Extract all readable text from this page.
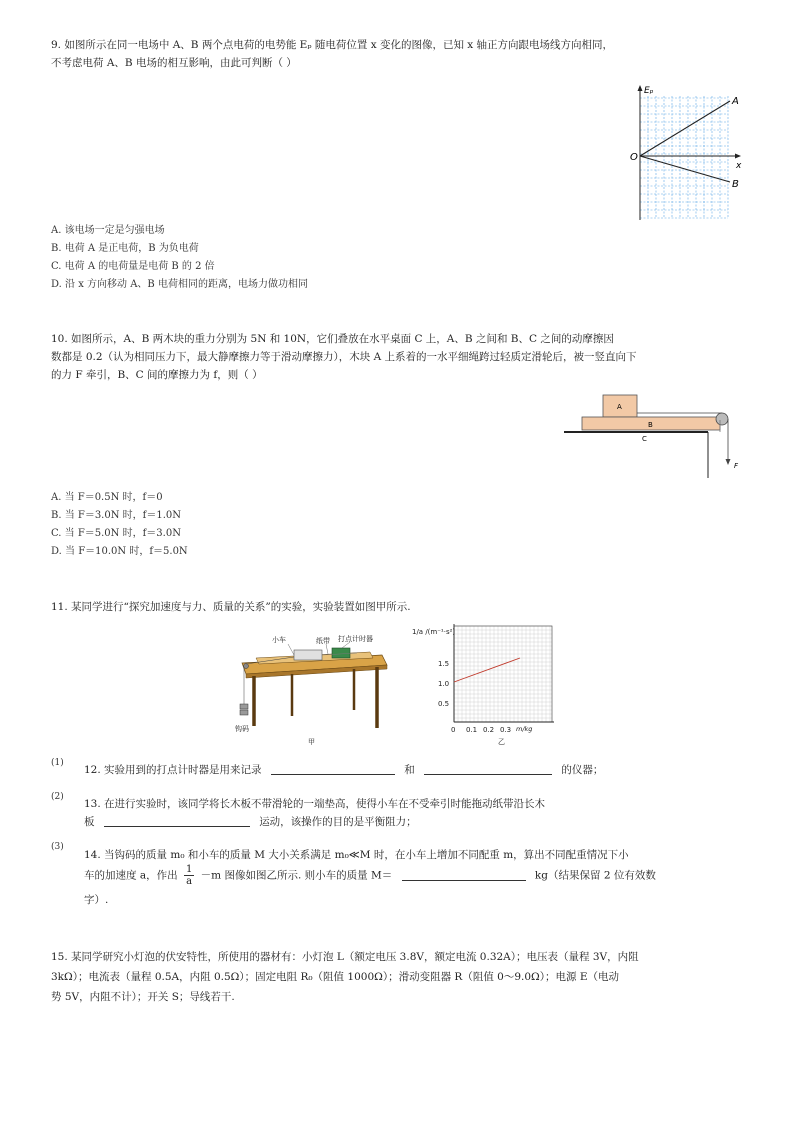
9. 如图所示在同一电场中 A、B 两个点电荷的电势能 Eₚ 随电荷位置 x 变化的图像，已知 x 轴正方向跟电场线方向相同，
不考虑电荷 A、B 电场的相互影响，由此可判断（ ）
Eₚ
x
O
A
B
A. 该电场一定是匀强电场
B. 电荷 A 是正电荷，B 为负电荷
C. 电荷 A 的电荷量是电荷 B 的 2 倍
D. 沿 x 方向移动 A、B 电荷相同的距离，电场力做功相同
10. 如图所示，A、B 两木块的重力分别为 5N 和 10N，它们叠放在水平桌面 C 上，A、B 之间和 B、C 之间的动摩擦因
数都是 0.2（认为相同压力下，最大静摩擦力等于滑动摩擦力），木块 A 上系着的一水平细绳跨过轻质定滑轮后，被一竖直向下
的力 F 牵引，B、C 间的摩擦力为 f，则（ ）
A
B
C
F
A. 当 F＝0.5N 时，f＝0
B. 当 F＝3.0N 时，f＝1.0N
C. 当 F＝5.0N 时，f＝3.0N
D. 当 F＝10.0N 时，f＝5.0N
11. 某同学进行“探究加速度与力、质量的关系”的实验，实验装置如图甲所示.
小车	纸带 打点计时器
钩码
甲
1/a /(m⁻¹·s²)
1.5
1.0
0.5
0 0.1 0.2 0.3 m/kg
乙
(1)
12. 实验用到的打点计时器是用来记录	和	的仪器；
(2)
13. 在进行实验时，该同学将长木板不带滑轮的一端垫高，使得小车在不受牵引时能拖动纸带沿长木
板	运动，该操作的目的是平衡阻力；
(3)
14. 当钩码的质量 m₀ 和小车的质量 M 大小关系满足 m₀≪M 时，在小车上增加不同配重 m，算出不同配重情况下小
车的加速度 a，作出 $\frac{1}{a} -m$ 图像如图乙所示. 则小车的质量 M＝	kg（结果保留 2 位有效数
字）.
15. 某同学研究小灯泡的伏安特性，所使用的器材有：小灯泡 L（额定电压 3.8V，额定电流 0.32A）；电压表（量程 3V，内阻
3kΩ）；电流表（量程 0.5A，内阻 0.5Ω）；固定电阻 R₀（阻值 1000Ω）；滑动变阻器 R（阻值 0～9.0Ω）；电源 E（电动
势 5V，内阻不计）；开关 S；导线若干.
